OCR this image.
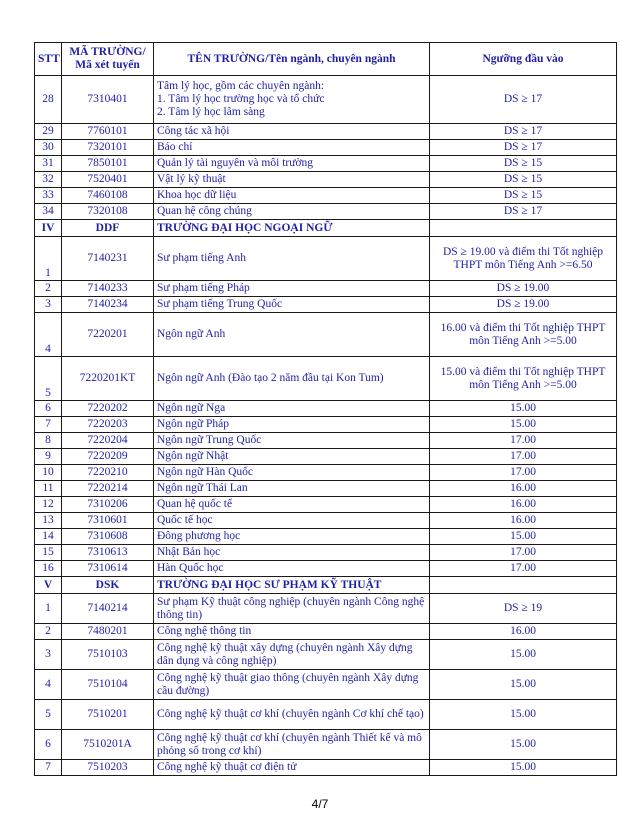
STT	MÃ TRƯỜNG/
Mã xét tuyển	TÊN TRƯỜNG/Tên ngành, chuyên ngành	Ngưỡng đầu vào
28	7310401	Tâm lý học, gồm các chuyên ngành:
1. Tâm lý học trường học và tổ chức
2. Tâm lý học lâm sàng	DS ≥ 17
29	7760101	Công tác xã hội	DS ≥ 17
30	7320101	Báo chí	DS ≥ 17
31	7850101	Quản lý tài nguyên và môi trường	DS ≥ 15
32	7520401	Vật lý kỹ thuật	DS ≥ 15
33	7460108	Khoa học dữ liệu	DS ≥ 15
34	7320108	Quan hệ công chúng	DS ≥ 17
IV	DDF	TRƯỜNG ĐẠI HỌC NGOẠI NGỮ	
1	7140231	Sư phạm tiếng Anh	DS ≥ 19.00 và điểm thi Tốt nghiệp THPT môn Tiếng Anh >=6.50
2	7140233	Sư phạm tiếng Pháp	DS ≥ 19.00
3	7140234	Sư phạm tiếng Trung Quốc	DS ≥ 19.00
4	7220201	Ngôn ngữ Anh	16.00 và điểm thi Tốt nghiệp THPT môn Tiếng Anh >=5.00
5	7220201KT	Ngôn ngữ Anh (Đào tạo 2 năm đầu tại Kon Tum)	15.00 và điểm thi Tốt nghiệp THPT môn Tiếng Anh >=5.00
6	7220202	Ngôn ngữ Nga	15.00
7	7220203	Ngôn ngữ Pháp	15.00
8	7220204	Ngôn ngữ Trung Quốc	17.00
9	7220209	Ngôn ngữ Nhật	17.00
10	7220210	Ngôn ngữ Hàn Quốc	17.00
11	7220214	Ngôn ngữ Thái Lan	16.00
12	7310206	Quan hệ quốc tế	16.00
13	7310601	Quốc tế học	16.00
14	7310608	Đông phương học	15.00
15	7310613	Nhật Bản học	17.00
16	7310614	Hàn Quốc học	17.00
V	DSK	TRƯỜNG ĐẠI HỌC SƯ PHẠM KỸ THUẬT	
1	7140214	Sư phạm Kỹ thuật công nghiệp (chuyên ngành Công nghệ thông tin)	DS ≥ 19
2	7480201	Công nghệ thông tin	16.00
3	7510103	Công nghệ kỹ thuật xây dựng (chuyên ngành Xây dựng dân dụng và công nghiệp)	15.00
4	7510104	Công nghệ kỹ thuật giao thông (chuyên ngành Xây dựng cầu đường)	15.00
5	7510201	Công nghệ kỹ thuật cơ khí (chuyên ngành Cơ khí chế tạo)	15.00
6	7510201A	Công nghệ kỹ thuật cơ khí (chuyên ngành Thiết kế và mô phỏng số trong cơ khí)	15.00
7	7510203	Công nghệ kỹ thuật cơ điện tử	15.00
4/7
